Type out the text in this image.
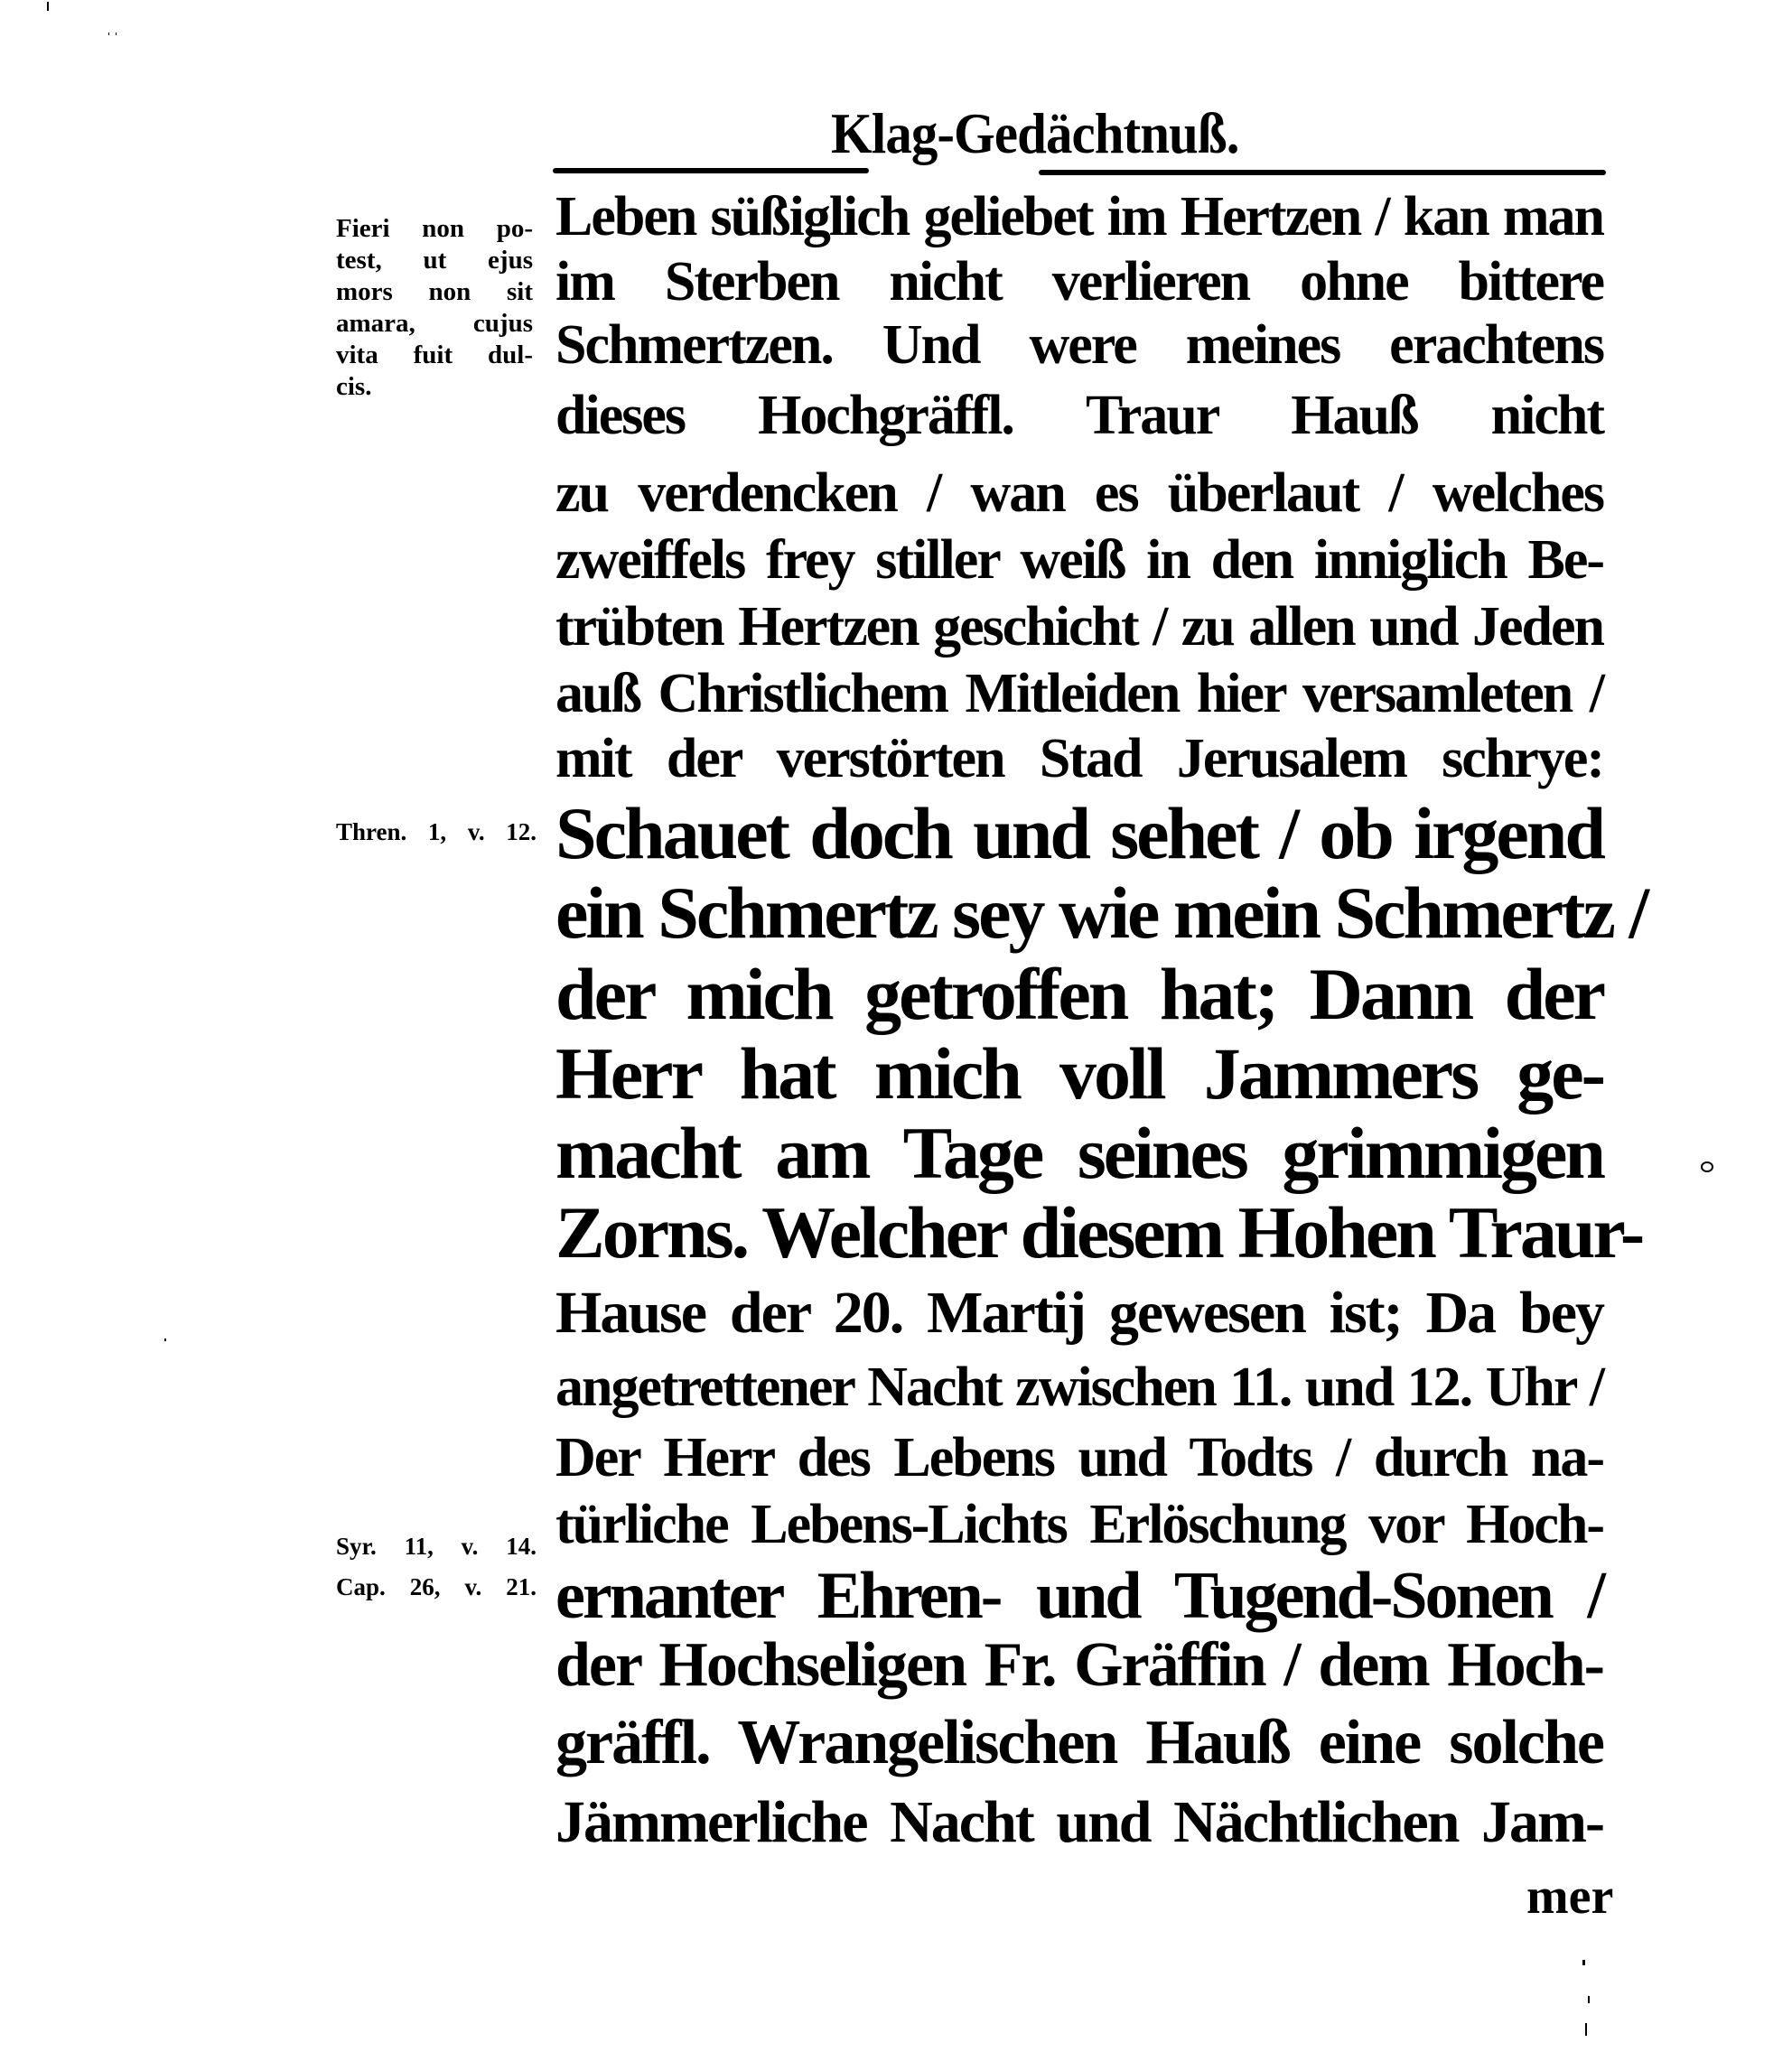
Klag-Gedächtnuß.
Fieri non po-
test, ut ejus
mors non sit
amara, cujus
vita fuit dul-
cis.
Thren. 1, v. 12.
Syr. 11, v. 14.
Cap. 26, v. 21.
Leben süßiglich geliebet im Hertzen / kan man
im Sterben nicht verlieren ohne bittere
Schmertzen. Und were meines erachtens
dieses Hochgräffl. Traur Hauß nicht
zu verdencken / wan es überlaut / welches
zweiffels frey stiller weiß in den inniglich Be-
trübten Hertzen geschicht / zu allen und Jeden
auß Christlichem Mitleiden hier versamleten /
mit der verstörten Stad Jerusalem schrye:
Schauet doch und sehet / ob irgend
ein Schmertz sey wie mein Schmertz /
der mich getroffen hat; Dann der
Herr hat mich voll Jammers ge-
macht am Tage seines grimmigen
Zorns. Welcher diesem Hohen Traur-
Hause der 20. Martij gewesen ist; Da bey
angetrettener Nacht zwischen 11. und 12. Uhr /
Der Herr des Lebens und Todts / durch na-
türliche Lebens-Lichts Erlöschung vor Hoch-
ernanter Ehren- und Tugend-Sonen /
der Hochseligen Fr. Gräffin / dem Hoch-
gräffl. Wrangelischen Hauß eine solche
Jämmerliche Nacht und Nächtlichen Jam-
mer
